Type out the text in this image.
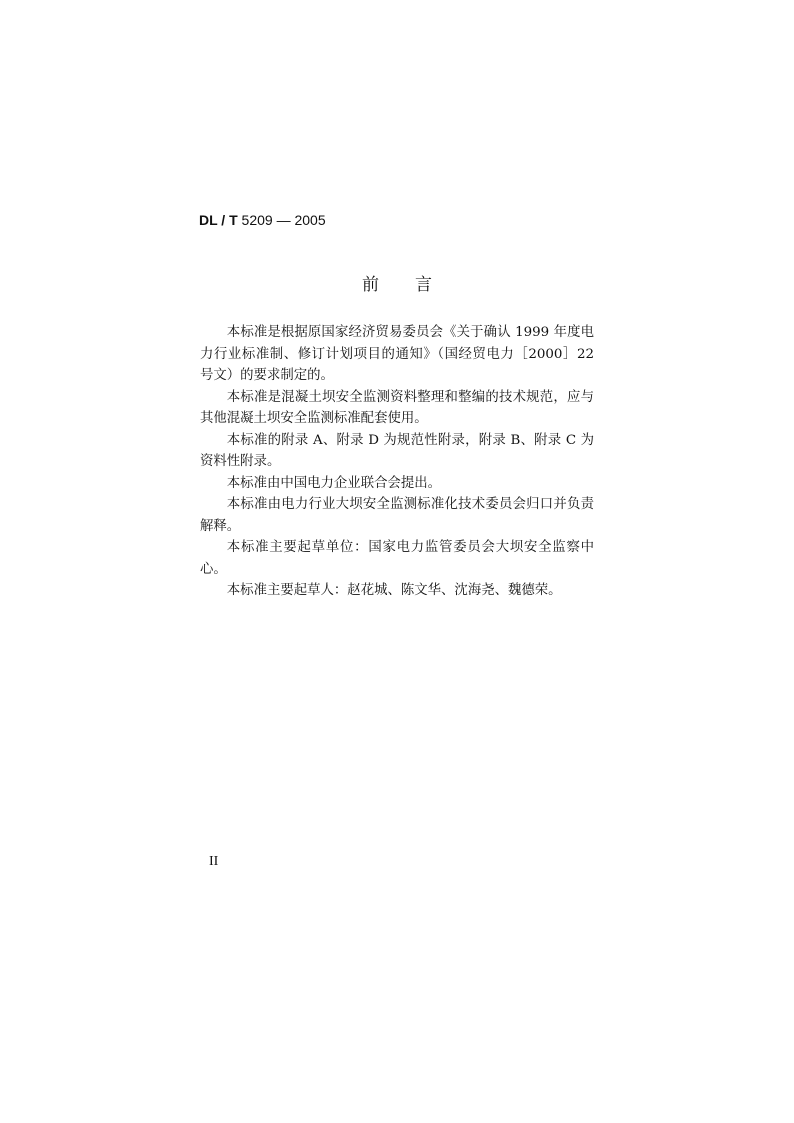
DL / T 5209 — 2005
前言

本标准是根据原国家经济贸易委员会《关于确认 1999 年度电力行业标准制、修订计划项目的通知》（国经贸电力［2000］22 号文）的要求制定的。

本标准是混凝土坝安全监测资料整理和整编的技术规范，应与其他混凝土坝安全监测标准配套使用。

本标准的附录 A、附录 D 为规范性附录，附录 B、附录 C 为资料性附录。

本标准由中国电力企业联合会提出。

本标准由电力行业大坝安全监测标准化技术委员会归口并负责解释。

本标准主要起草单位：国家电力监管委员会大坝安全监察中心。

本标准主要起草人：赵花城、陈文华、沈海尧、魏德荣。

II
